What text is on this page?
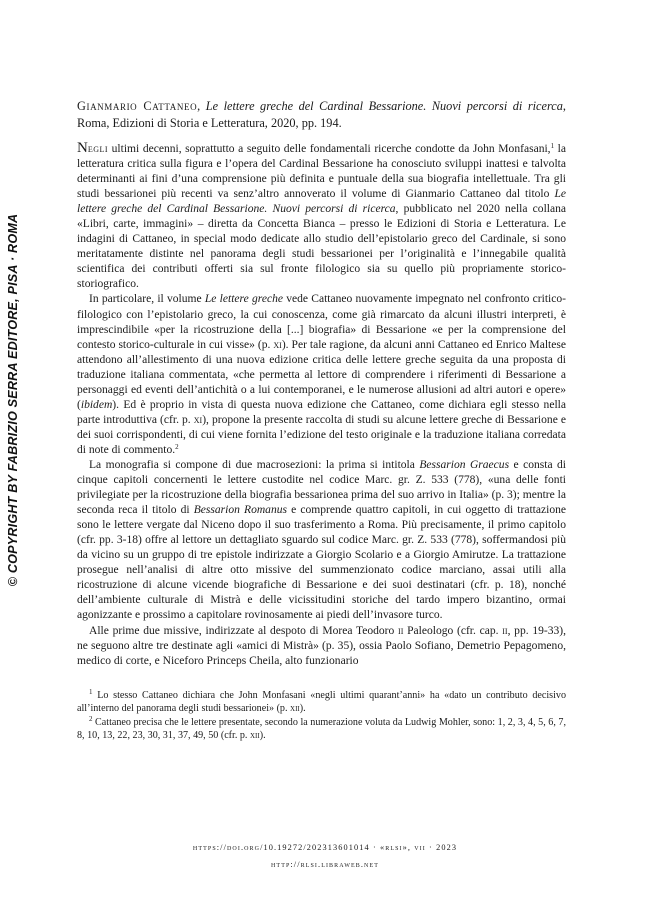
© COPYRIGHT BY FABRIZIO SERRA EDITORE, PISA · ROMA
Gianmario Cattaneo, Le lettere greche del Cardinal Bessarione. Nuovi percorsi di ricerca, Roma, Edizioni di Storia e Letteratura, 2020, pp. 194.

Negli ultimi decenni, soprattutto a seguito delle fondamentali ricerche condotte da John Monfasani,$^1$ la letteratura critica sulla figura e l’opera del Cardinal Bessarione ha conosciuto sviluppi inattesi e talvolta determinanti ai fini d’una comprensione più definita e puntuale della sua biografia intellettuale. Tra gli studi bessarionei più recenti va senz’altro annoverato il volume di Gianmario Cattaneo dal titolo Le lettere greche del Cardinal Bessarione. Nuovi percorsi di ricerca, pubblicato nel 2020 nella collana «Libri, carte, immagini» – diretta da Concetta Bianca – presso le Edizioni di Storia e Letteratura. Le indagini di Cattaneo, in special modo dedicate allo studio dell’epistolario greco del Cardinale, si sono meritatamente distinte nel panorama degli studi bessarionei per l’originalità e l’innegabile qualità scientifica dei contributi offerti sia sul fronte filologico sia su quello più propriamente storico-storiografico.

In particolare, il volume Le lettere greche vede Cattaneo nuovamente impegnato nel confronto critico-filologico con l’epistolario greco, la cui conoscenza, come già rimarcato da alcuni illustri interpreti, è imprescindibile «per la ricostruzione della [...] biografia» di Bessarione «e per la comprensione del contesto storico-culturale in cui visse» (p. xi). Per tale ragione, da alcuni anni Cattaneo ed Enrico Maltese attendono all’allestimento di una nuova edizione critica delle lettere greche seguita da una proposta di traduzione italiana commentata, «che permetta al lettore di comprendere i riferimenti di Bessarione a personaggi ed eventi dell’antichità o a lui contemporanei, e le numerose allusioni ad altri autori e opere» (ibidem). Ed è proprio in vista di questa nuova edizione che Cattaneo, come dichiara egli stesso nella parte introduttiva (cfr. p. xi), propone la presente raccolta di studi su alcune lettere greche di Bessarione e dei suoi corrispondenti, di cui viene fornita l’edizione del testo originale e la traduzione italiana corredata di note di commento.$^2$

La monografia si compone di due macrosezioni: la prima si intitola Bessarion Graecus e consta di cinque capitoli concernenti le lettere custodite nel codice Marc. gr. Z. 533 (778), «una delle fonti privilegiate per la ricostruzione della biografia bessarionea prima del suo arrivo in Italia» (p. 3); mentre la seconda reca il titolo di Bessarion Romanus e comprende quattro capitoli, in cui oggetto di trattazione sono le lettere vergate dal Niceno dopo il suo trasferimento a Roma. Più precisamente, il primo capitolo (cfr. pp. 3-18) offre al lettore un dettagliato sguardo sul codice Marc. gr. Z. 533 (778), soffermandosi più da vicino su un gruppo di tre epistole indirizzate a Giorgio Scolario e a Giorgio Amirutze. La trattazione prosegue nell’analisi di altre otto missive del summenzionato codice marciano, assai utili alla ricostruzione di alcune vicende biografiche di Bessarione e dei suoi destinatari (cfr. p. 18), nonché dell’ambiente culturale di Mistrà e delle vicissitudini storiche del tardo impero bizantino, ormai agonizzante e prossimo a capitolare rovinosamente ai piedi dell’invasore turco.

Alle prime due missive, indirizzate al despoto di Morea Teodoro ii Paleologo (cfr. cap. ii, pp. 19-33), ne seguono altre tre destinate agli «amici di Mistrà» (p. 35), ossia Paolo Sofiano, Demetrio Pepagomeno, medico di corte, e Niceforo Princeps Cheila, alto funzionario

$^1$ Lo stesso Cattaneo dichiara che John Monfasani «negli ultimi quarant’anni» ha «dato un contributo decisivo all’interno del panorama degli studi bessarionei» (p. xii).

$^2$ Cattaneo precisa che le lettere presentate, secondo la numerazione voluta da Ludwig Mohler, sono: 1, 2, 3, 4, 5, 6, 7, 8, 10, 13, 22, 23, 30, 31, 37, 49, 50 (cfr. p. xii).

https://doi.org/10.19272/202313601014 · «rlsi», vii · 2023
http://rlsi.libraweb.net
